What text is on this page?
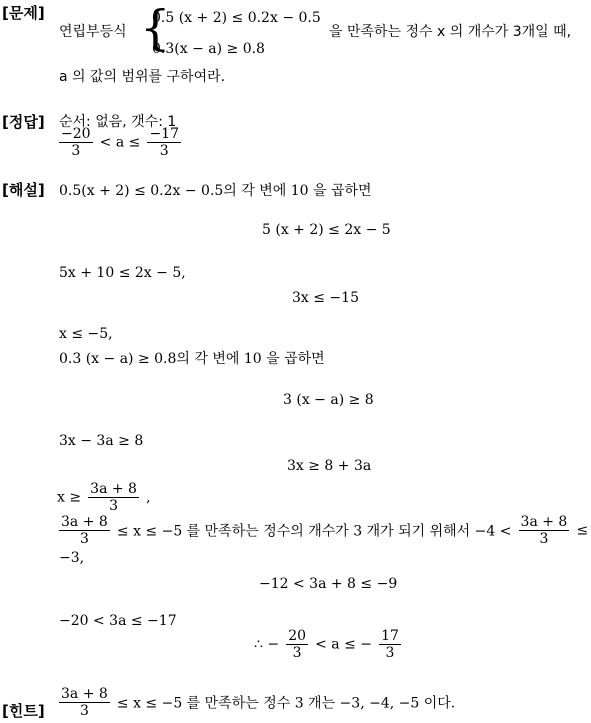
[문제]
연립부등식 {
0.5 (x + 2) ≤ 0.2x − 0.5
0.3(x − a) ≥ 0.8
을 만족하는 정수 x 의 개수가 3개일 때,
a 의 값의 범위를 구하여라.
[정답] 순서: 없음, 갯수: 1
$\frac{-20}{3} < a \le \frac{-17}{3}$
[해설] 0.5(x + 2) ≤ 0.2x − 0.5의 각 변에 10 을 곱하면
5 (x + 2) ≤ 2x − 5
5x + 10 ≤ 2x − 5,
3x ≤ −15
x ≤ −5,
0.3 (x − a) ≥ 0.8의 각 변에 10 을 곱하면
3 (x − a) ≥ 8
3x − 3a ≥ 8
3x ≥ 8 + 3a
$x \ge \frac{3a + 8}{3}$ ,
$\frac{3a + 8}{3} \le x \le -5$ 를 만족하는 정수의 개수가 3 개가 되기 위해서 $-4 < \frac{3a + 8}{3}$ ≤
−3,
−12 < 3a + 8 ≤ −9
−20 < 3a ≤ −17
∴ − $\frac{20}{3} < a$ ≤ − $\frac{17}{3}$
[힌트] $\frac{3a + 8}{3} \le x \le -5$ 를 만족하는 정수 3 개는 −3, −4, −5 이다.
